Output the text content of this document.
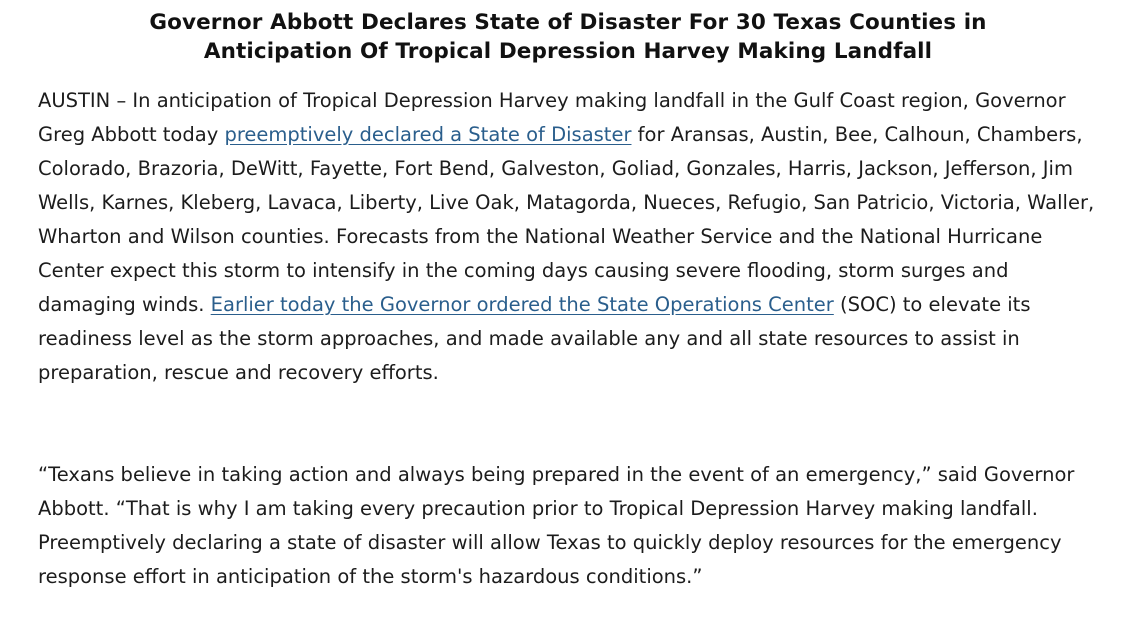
Governor Abbott Declares State of Disaster For 30 Texas Counties in
Anticipation Of Tropical Depression Harvey Making Landfall

AUSTIN – In anticipation of Tropical Depression Harvey making landfall in the Gulf Coast region, Governor Greg Abbott today preemptively declared a State of Disaster for Aransas, Austin, Bee, Calhoun, Chambers, Colorado, Brazoria, DeWitt, Fayette, Fort Bend, Galveston, Goliad, Gonzales, Harris, Jackson, Jefferson, Jim Wells, Karnes, Kleberg, Lavaca, Liberty, Live Oak, Matagorda, Nueces, Refugio, San Patricio, Victoria, Waller, Wharton and Wilson counties. Forecasts from the National Weather Service and the National Hurricane Center expect this storm to intensify in the coming days causing severe flooding, storm surges and damaging winds. Earlier today the Governor ordered the State Operations Center (SOC) to elevate its readiness level as the storm approaches, and made available any and all state resources to assist in preparation, rescue and recovery efforts.

“Texans believe in taking action and always being prepared in the event of an emergency,” said Governor Abbott. “That is why I am taking every precaution prior to Tropical Depression Harvey making landfall. Preemptively declaring a state of disaster will allow Texas to quickly deploy resources for the emergency response effort in anticipation of the storm's hazardous conditions.”
